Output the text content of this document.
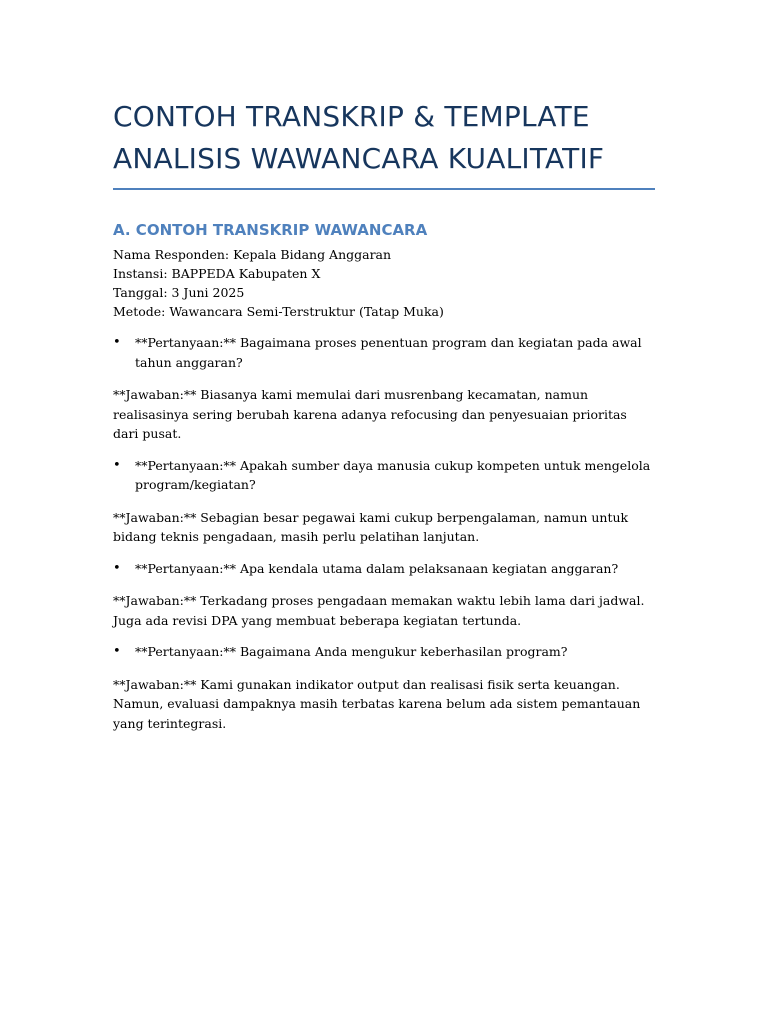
CONTOH TRANSKRIP & TEMPLATE
ANALISIS WAWANCARA KUALITATIF
A. CONTOH TRANSKRIP WAWANCARA
Nama Responden: Kepala Bidang Anggaran
Instansi: BAPPEDA Kabupaten X
Tanggal: 3 Juni 2025
Metode: Wawancara Semi-Terstruktur (Tatap Muka)
•	**Pertanyaan:** Bagaimana proses penentuan program dan kegiatan pada awal tahun anggaran?
**Jawaban:** Biasanya kami memulai dari musrenbang kecamatan, namun realisasinya sering berubah karena adanya refocusing dan penyesuaian prioritas dari pusat.
•	**Pertanyaan:** Apakah sumber daya manusia cukup kompeten untuk mengelola program/kegiatan?
**Jawaban:** Sebagian besar pegawai kami cukup berpengalaman, namun untuk bidang teknis pengadaan, masih perlu pelatihan lanjutan.
•	**Pertanyaan:** Apa kendala utama dalam pelaksanaan kegiatan anggaran?
**Jawaban:** Terkadang proses pengadaan memakan waktu lebih lama dari jadwal. Juga ada revisi DPA yang membuat beberapa kegiatan tertunda.
•	**Pertanyaan:** Bagaimana Anda mengukur keberhasilan program?
**Jawaban:** Kami gunakan indikator output dan realisasi fisik serta keuangan. Namun, evaluasi dampaknya masih terbatas karena belum ada sistem pemantauan yang terintegrasi.
